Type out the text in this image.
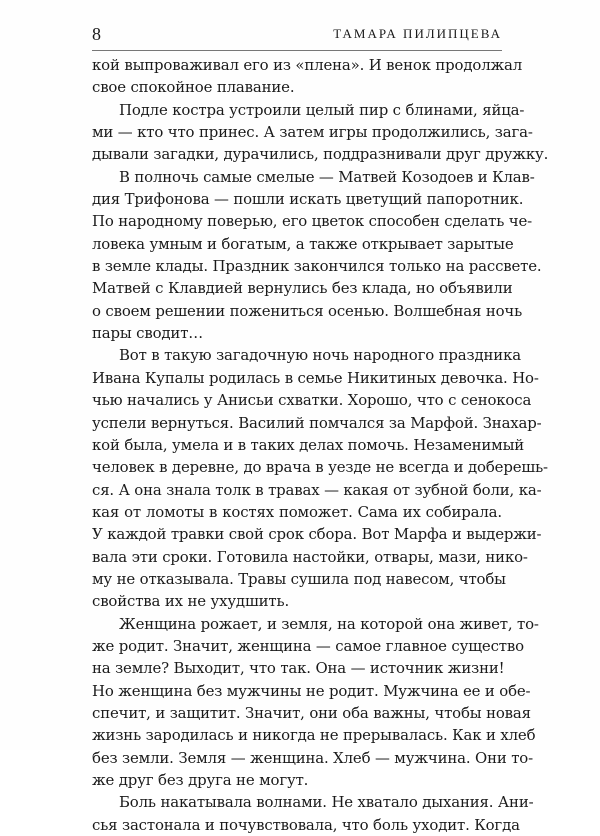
8	ТАМАРА ПИЛИПЦЕВА
кой выпроваживал его из «плена». И венок продолжал
свое спокойное плавание.
Подле костра устроили целый пир с блинами, яйца-
ми — кто что принес. А затем игры продолжились, зага-
дывали загадки, дурачились, поддразнивали друг дружку.
В полночь самые смелые — Матвей Козодоев и Клав-
дия Трифонова — пошли искать цветущий папоротник.
По народному поверью, его цветок способен сделать че-
ловека умным и богатым, а также открывает зарытые
в земле клады. Праздник закончился только на рассвете.
Матвей с Клавдией вернулись без клада, но объявили
о своем решении пожениться осенью. Волшебная ночь
пары сводит…
Вот в такую загадочную ночь народного праздника
Ивана Купалы родилась в семье Никитиных девочка. Но-
чью начались у Анисьи схватки. Хорошо, что с сенокоса
успели вернуться. Василий помчался за Марфой. Знахар-
кой была, умела и в таких делах помочь. Незаменимый
человек в деревне, до врача в уезде не всегда и доберешь-
ся. А она знала толк в травах — какая от зубной боли, ка-
кая от ломоты в костях поможет. Сама их собирала.
У каждой травки свой срок сбора. Вот Марфа и выдержи-
вала эти сроки. Готовила настойки, отвары, мази, нико-
му не отказывала. Травы сушила под навесом, чтобы
свойства их не ухудшить.
Женщина рожает, и земля, на которой она живет, то-
же родит. Значит, женщина — самое главное существо
на земле? Выходит, что так. Она — источник жизни!
Но женщина без мужчины не родит. Мужчина ее и обе-
спечит, и защитит. Значит, они оба важны, чтобы новая
жизнь зародилась и никогда не прерывалась. Как и хлеб
без земли. Земля — женщина. Хлеб — мужчина. Они то-
же друг без друга не могут.
Боль накатывала волнами. Не хватало дыхания. Ани-
сья застонала и почувствовала, что боль уходит. Когда
